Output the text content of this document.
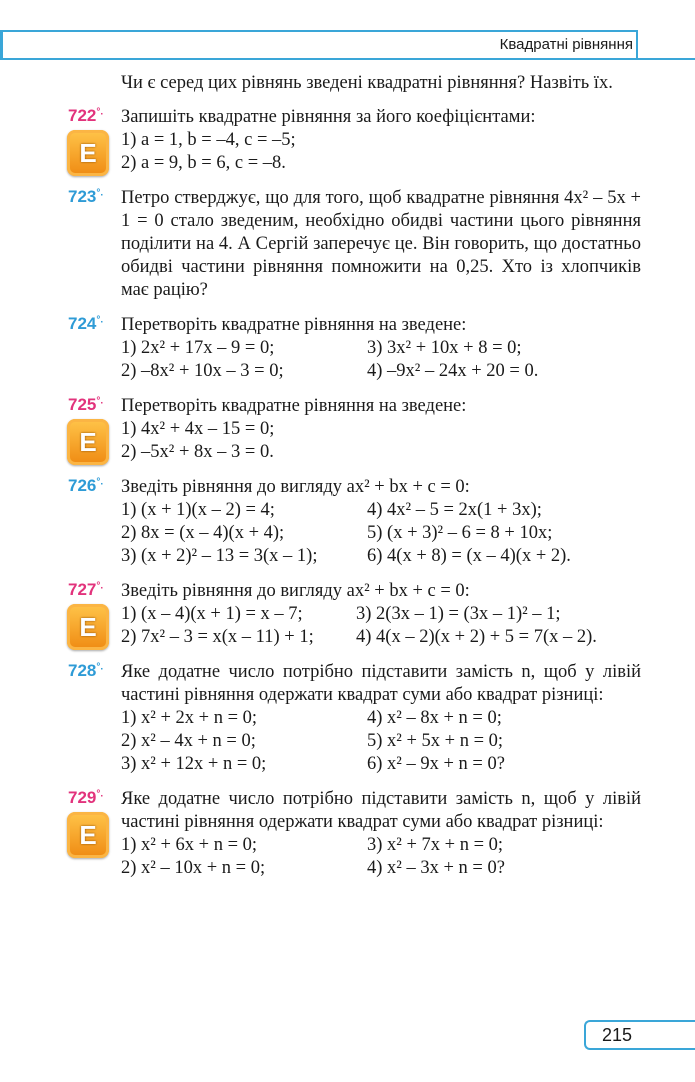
Квадратні рівняння
Чи є серед цих рівнянь зведені квадратні рівняння? Назвіть їх.
722°.
E
Запишіть квадратне рівняння за його коефіцієнтами:
1) a = 1, b = –4, c = –5;
2) a = 9, b = 6, c = –8.
723°. Петро стверджує, що для того, щоб квадратне рівняння 4x² – 5x + 1 = 0 стало зведеним, необхідно обидві частини цього рівняння поділити на 4. А Сергій заперечує це. Він говорить, що достатньо обидві частини рівняння помножити на 0,25. Хто із хлопчиків має рацію?
724°. Перетворіть квадратне рівняння на зведене:
1) 2x² + 17x – 9 = 0;	3) 3x² + 10x + 8 = 0;
2) –8x² + 10x – 3 = 0;	4) –9x² – 24x + 20 = 0.
725°.
E
Перетворіть квадратне рівняння на зведене:
1) 4x² + 4x – 15 = 0;
2) –5x² + 8x – 3 = 0.
726°. Зведіть рівняння до вигляду ax² + bx + c = 0:
1) (x + 1)(x – 2) = 4;	4) 4x² – 5 = 2x(1 + 3x);
2) 8x = (x – 4)(x + 4);	5) (x + 3)² – 6 = 8 + 10x;
3) (x + 2)² – 13 = 3(x – 1);	6) 4(x + 8) = (x – 4)(x + 2).
727°.
E
Зведіть рівняння до вигляду ax² + bx + c = 0:
1) (x – 4)(x + 1) = x – 7;	3) 2(3x – 1) = (3x – 1)² – 1;
2) 7x² – 3 = x(x – 11) + 1;	4) 4(x – 2)(x + 2) + 5 = 7(x – 2).
728°. Яке додатне число потрібно підставити замість n, щоб у лівій частині рівняння одержати квадрат суми або квадрат різниці:
1) x² + 2x + n = 0;	4) x² – 8x + n = 0;
2) x² – 4x + n = 0;	5) x² + 5x + n = 0;
3) x² + 12x + n = 0;	6) x² – 9x + n = 0?
729°.
E
Яке додатне число потрібно підставити замість n, щоб у лівій частині рівняння одержати квадрат суми або квадрат різниці:
1) x² + 6x + n = 0;	3) x² + 7x + n = 0;
2) x² – 10x + n = 0;	4) x² – 3x + n = 0?
215
